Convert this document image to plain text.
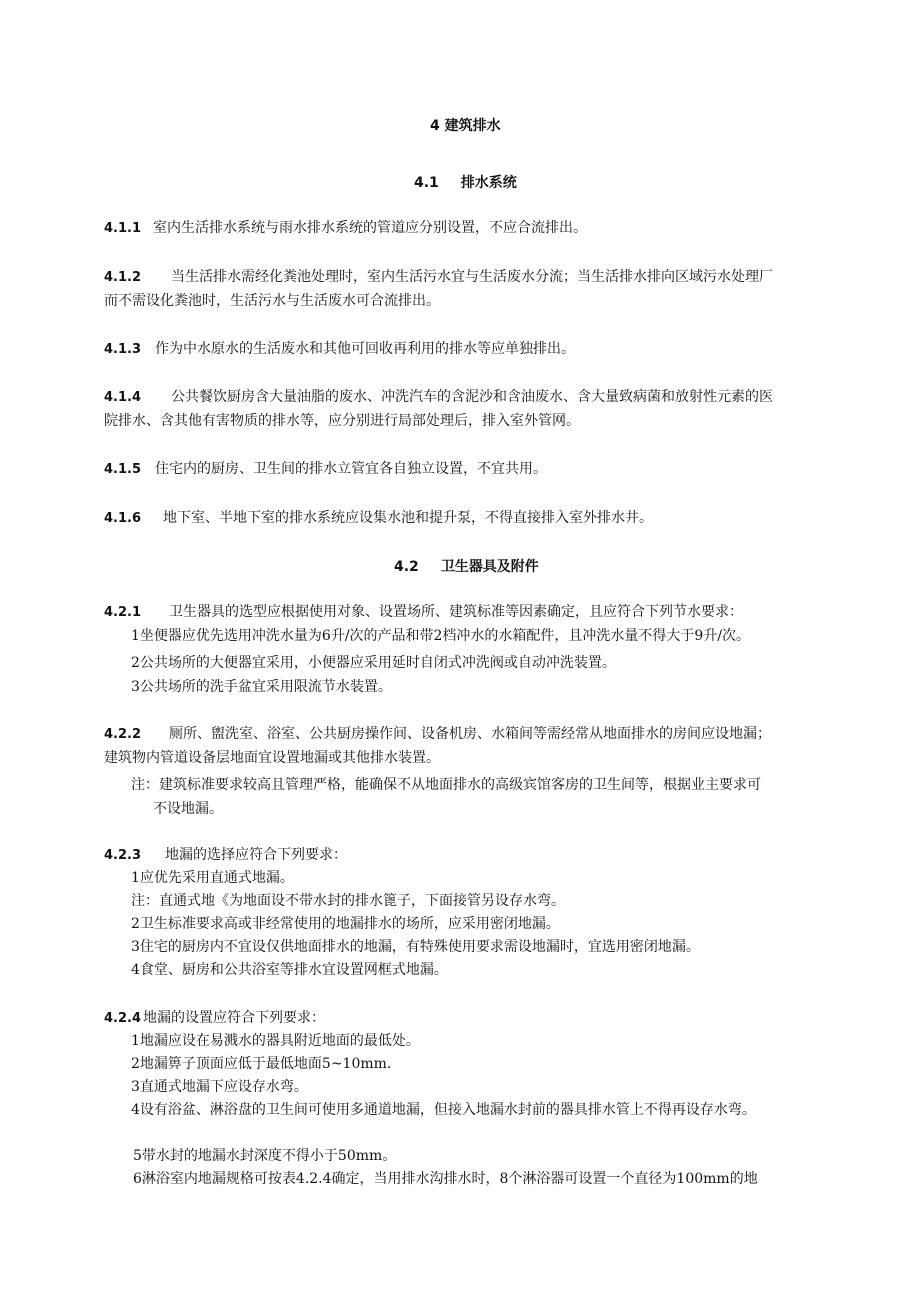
4 建筑排水
4.1 排水系统
4.1.1 室内生活排水系统与雨水排水系统的管道应分别设置，不应合流排出。
4.1.2 当生活排水需经化粪池处理时，室内生活污水宜与生活废水分流；当生活排水排向区域污水处理厂
而不需设化粪池时，生活污水与生活废水可合流排出。
4.1.3 作为中水原水的生活废水和其他可回收再利用的排水等应单独排出。
4.1.4 公共餐饮厨房含大量油脂的废水、冲洗汽车的含泥沙和含油废水、含大量致病菌和放射性元素的医
院排水、含其他有害物质的排水等，应分别进行局部处理后，排入室外管网。
4.1.5 住宅内的厨房、卫生间的排水立管宜各自独立设置，不宜共用。
4.1.6 地下室、半地下室的排水系统应设集水池和提升泵，不得直接排入室外排水井。
4.2 卫生器具及附件
4.2.1 卫生器具的选型应根据使用对象、设置场所、建筑标准等因素确定，且应符合下列节水要求：
1坐便器应优先选用冲洗水量为6升/次的产品和带2档冲水的水箱配件，且冲洗水量不得大于9升/次。
2公共场所的大便器宜采用，小便器应采用延时自闭式冲洗阀或自动冲洗装置。
3公共场所的洗手盆宜采用限流节水装置。
4.2.2 厕所、盥洗室、浴室、公共厨房操作间、设备机房、水箱间等需经常从地面排水的房间应设地漏；
建筑物内管道设备层地面宜设置地漏或其他排水装置。
注：建筑标准要求较高且管理严格，能确保不从地面排水的高级宾馆客房的卫生间等，根据业主要求可
不设地漏。
4.2.3 地漏的选择应符合下列要求：
1应优先采用直通式地漏。
注：直通式地《为地面设不带水封的排水篦子，下面接管另设存水弯。
2卫生标准要求高或非经常使用的地漏排水的场所，应采用密闭地漏。
3住宅的厨房内不宜设仅供地面排水的地漏，有特殊使用要求需设地漏时，宜选用密闭地漏。
4食堂、厨房和公共浴室等排水宜设置网框式地漏。
4.2.4 地漏的设置应符合下列要求：
1地漏应设在易溅水的器具附近地面的最低处。
2地漏箅子顶面应低于最低地面5~10mm.
3直通式地漏下应设存水弯。
4设有浴盆、淋浴盘的卫生间可使用多通道地漏，但接入地漏水封前的器具排水管上不得再设存水弯。
5带水封的地漏水封深度不得小于50mm。
6淋浴室内地漏规格可按表4.2.4确定，当用排水沟排水时，8个淋浴器可设置一个直径为100mm的地
